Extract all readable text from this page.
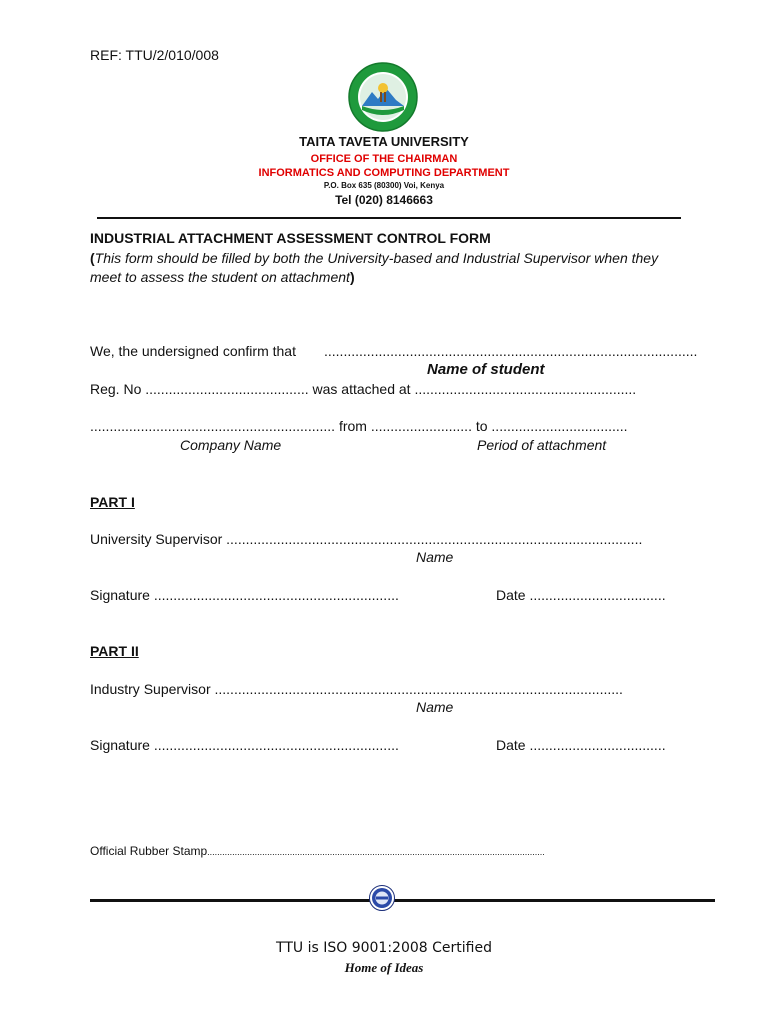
REF: TTU/2/010/008
TAITA TAVETA UNIVERSITY
OFFICE OF THE CHAIRMAN
INFORMATICS AND COMPUTING DEPARTMENT
P.O. Box 635 (80300) Voi, Kenya
Tel (020) 8146663
INDUSTRIAL ATTACHMENT ASSESSMENT CONTROL FORM
(This form should be filled by both the University-based and Industrial Supervisor when they meet to assess the student on attachment)
We, the undersigned confirm that ................................................................................................
Name of student
Reg. No .......................................... was attached at .........................................................
............................................................... from .......................... to ...................................
Company Name	Period of attachment
PART I
University Supervisor ...........................................................................................................
Name
Signature ...............................................................	Date ...................................
PART II
Industry Supervisor .........................................................................................................
Name
Signature ...............................................................	Date ...................................
Official Rubber Stamp.......................................................................................................................................
TTU is ISO 9001:2008 Certified
Home of Ideas
